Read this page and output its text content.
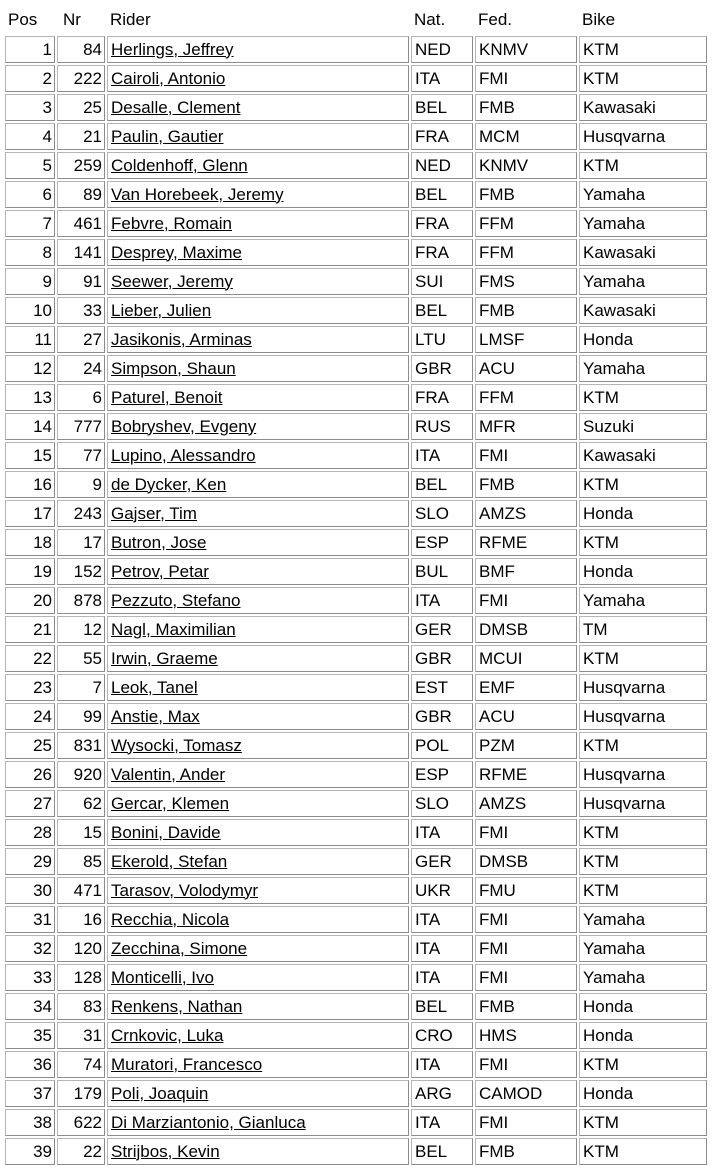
Pos	Nr	Rider	Nat.	Fed.	Bike
1	84	Herlings, Jeffrey	NED	KNMV	KTM
2	222	Cairoli, Antonio	ITA	FMI	KTM
3	25	Desalle, Clement	BEL	FMB	Kawasaki
4	21	Paulin, Gautier	FRA	MCM	Husqvarna
5	259	Coldenhoff, Glenn	NED	KNMV	KTM
6	89	Van Horebeek, Jeremy	BEL	FMB	Yamaha
7	461	Febvre, Romain	FRA	FFM	Yamaha
8	141	Desprey, Maxime	FRA	FFM	Kawasaki
9	91	Seewer, Jeremy	SUI	FMS	Yamaha
10	33	Lieber, Julien	BEL	FMB	Kawasaki
11	27	Jasikonis, Arminas	LTU	LMSF	Honda
12	24	Simpson, Shaun	GBR	ACU	Yamaha
13	6	Paturel, Benoit	FRA	FFM	KTM
14	777	Bobryshev, Evgeny	RUS	MFR	Suzuki
15	77	Lupino, Alessandro	ITA	FMI	Kawasaki
16	9	de Dycker, Ken	BEL	FMB	KTM
17	243	Gajser, Tim	SLO	AMZS	Honda
18	17	Butron, Jose	ESP	RFME	KTM
19	152	Petrov, Petar	BUL	BMF	Honda
20	878	Pezzuto, Stefano	ITA	FMI	Yamaha
21	12	Nagl, Maximilian	GER	DMSB	TM
22	55	Irwin, Graeme	GBR	MCUI	KTM
23	7	Leok, Tanel	EST	EMF	Husqvarna
24	99	Anstie, Max	GBR	ACU	Husqvarna
25	831	Wysocki, Tomasz	POL	PZM	KTM
26	920	Valentin, Ander	ESP	RFME	Husqvarna
27	62	Gercar, Klemen	SLO	AMZS	Husqvarna
28	15	Bonini, Davide	ITA	FMI	KTM
29	85	Ekerold, Stefan	GER	DMSB	KTM
30	471	Tarasov, Volodymyr	UKR	FMU	KTM
31	16	Recchia, Nicola	ITA	FMI	Yamaha
32	120	Zecchina, Simone	ITA	FMI	Yamaha
33	128	Monticelli, Ivo	ITA	FMI	Yamaha
34	83	Renkens, Nathan	BEL	FMB	Honda
35	31	Crnkovic, Luka	CRO	HMS	Honda
36	74	Muratori, Francesco	ITA	FMI	KTM
37	179	Poli, Joaquin	ARG	CAMOD	Honda
38	622	Di Marziantonio, Gianluca	ITA	FMI	KTM
39	22	Strijbos, Kevin	BEL	FMB	KTM
